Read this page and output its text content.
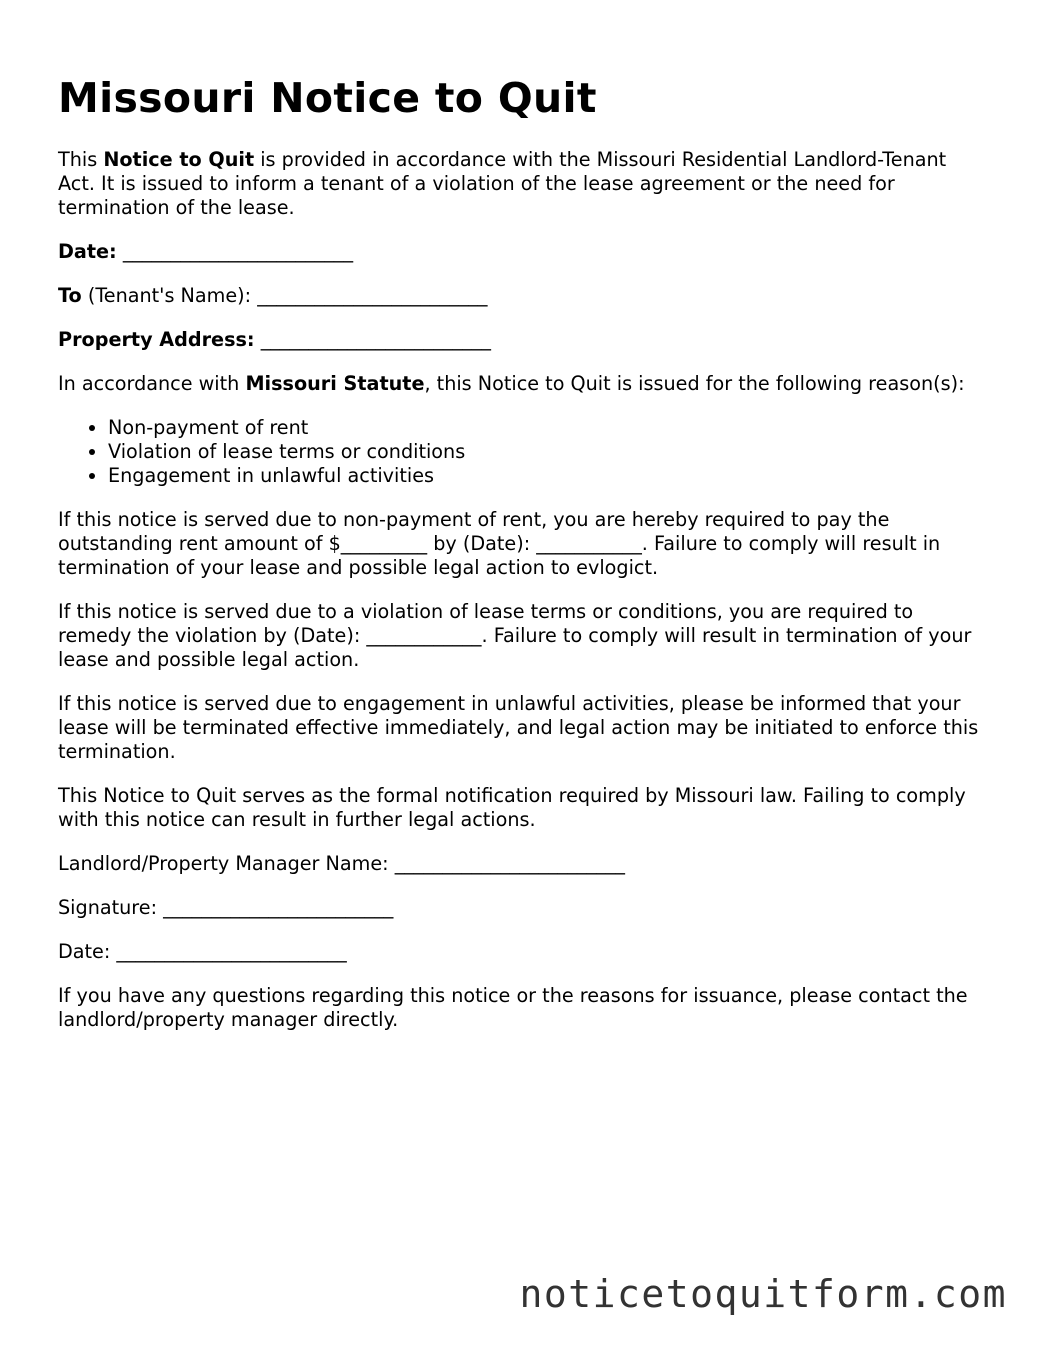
Missouri Notice to Quit

This Notice to Quit is provided in accordance with the Missouri Residential Landlord-Tenant Act. It is issued to inform a tenant of a violation of the lease agreement or the need for termination of the lease.

Date: ________________________

To (Tenant's Name): ________________________

Property Address: ________________________

In accordance with Missouri Statute, this Notice to Quit is issued for the following reason(s):

• Non-payment of rent
• Violation of lease terms or conditions
• Engagement in unlawful activities

If this notice is served due to non-payment of rent, you are hereby required to pay the outstanding rent amount of $_________ by (Date): ___________. Failure to comply will result in termination of your lease and possible legal action to evlogict.

If this notice is served due to a violation of lease terms or conditions, you are required to remedy the violation by (Date): ____________. Failure to comply will result in termination of your lease and possible legal action.

If this notice is served due to engagement in unlawful activities, please be informed that your lease will be terminated effective immediately, and legal action may be initiated to enforce this termination.

This Notice to Quit serves as the formal notification required by Missouri law. Failing to comply with this notice can result in further legal actions.

Landlord/Property Manager Name: ________________________

Signature: ________________________

Date: ________________________

If you have any questions regarding this notice or the reasons for issuance, please contact the landlord/property manager directly.

noticetoquitform.com
